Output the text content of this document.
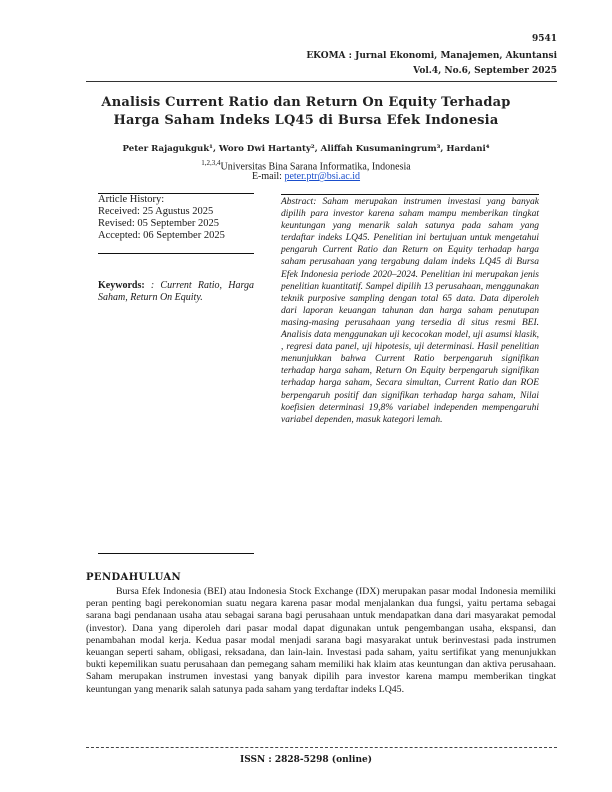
9541
EKOMA : Jurnal Ekonomi, Manajemen, Akuntansi
Vol.4, No.6, September 2025
Analisis Current Ratio dan Return On Equity Terhadap Harga Saham Indeks LQ45 di Bursa Efek Indonesia
Peter Rajagukguk¹, Woro Dwi Hartanty², Aliffah Kusumaningrum³, Hardani⁴
$^{1,2,3,4}$Universitas Bina Sarana Informatika, Indonesia
E-mail: peter.ptr@bsi.ac.id
Article History:
Received: 25 Agustus 2025
Revised: 05 September 2025
Accepted: 06 September 2025
Keywords: : Current Ratio, Harga Saham, Return On Equity.
Abstract: Saham merupakan instrumen investasi yang banyak dipilih para investor karena saham mampu memberikan tingkat keuntungan yang menarik salah satunya pada saham yang terdaftar indeks LQ45. Penelitian ini bertujuan untuk mengetahui pengaruh Current Ratio dan Return on Equity terhadap harga saham perusahaan yang tergabung dalam indeks LQ45 di Bursa Efek Indonesia periode 2020–2024. Penelitian ini merupakan jenis penelitian kuantitatif. Sampel dipilih 13 perusahaan, menggunakan teknik purposive sampling dengan total 65 data. Data diperoleh dari laporan keuangan tahunan dan harga saham penutupan masing-masing perusahaan yang tersedia di situs resmi BEI. Analisis data menggunakan uji kecocokan model, uji asumsi klasik, , regresi data panel, uji hipotesis, uji determinasi. Hasil penelitian menunjukkan bahwa Current Ratio berpengaruh signifikan terhadap harga saham, Return On Equity berpengaruh signifikan terhadap harga saham, Secara simultan, Current Ratio dan ROE berpengaruh positif dan signifikan terhadap harga saham, Nilai koefisien determinasi 19,8% variabel independen mempengaruhi variabel dependen, masuk kategori lemah.
PENDAHULUAN

Bursa Efek Indonesia (BEI) atau Indonesia Stock Exchange (IDX) merupakan pasar modal Indonesia memiliki peran penting bagi perekonomian suatu negara karena pasar modal menjalankan dua fungsi, yaitu pertama sebagai sarana bagi pendanaan usaha atau sebagai sarana bagi perusahaan untuk mendapatkan dana dari masyarakat pemodal (investor). Dana yang diperoleh dari pasar modal dapat digunakan untuk pengembangan usaha, ekspansi, dan penambahan modal kerja. Kedua pasar modal menjadi sarana bagi masyarakat untuk berinvestasi pada instrumen keuangan seperti saham, obligasi, reksadana, dan lain-lain. Investasi pada saham, yaitu sertifikat yang menunjukkan bukti kepemilikan suatu perusahaan dan pemegang saham memiliki hak klaim atas keuntungan dan aktiva perusahaan. Saham merupakan instrumen investasi yang banyak dipilih para investor karena mampu memberikan tingkat keuntungan yang menarik salah satunya pada saham yang terdaftar indeks LQ45.

ISSN : 2828-5298 (online)
